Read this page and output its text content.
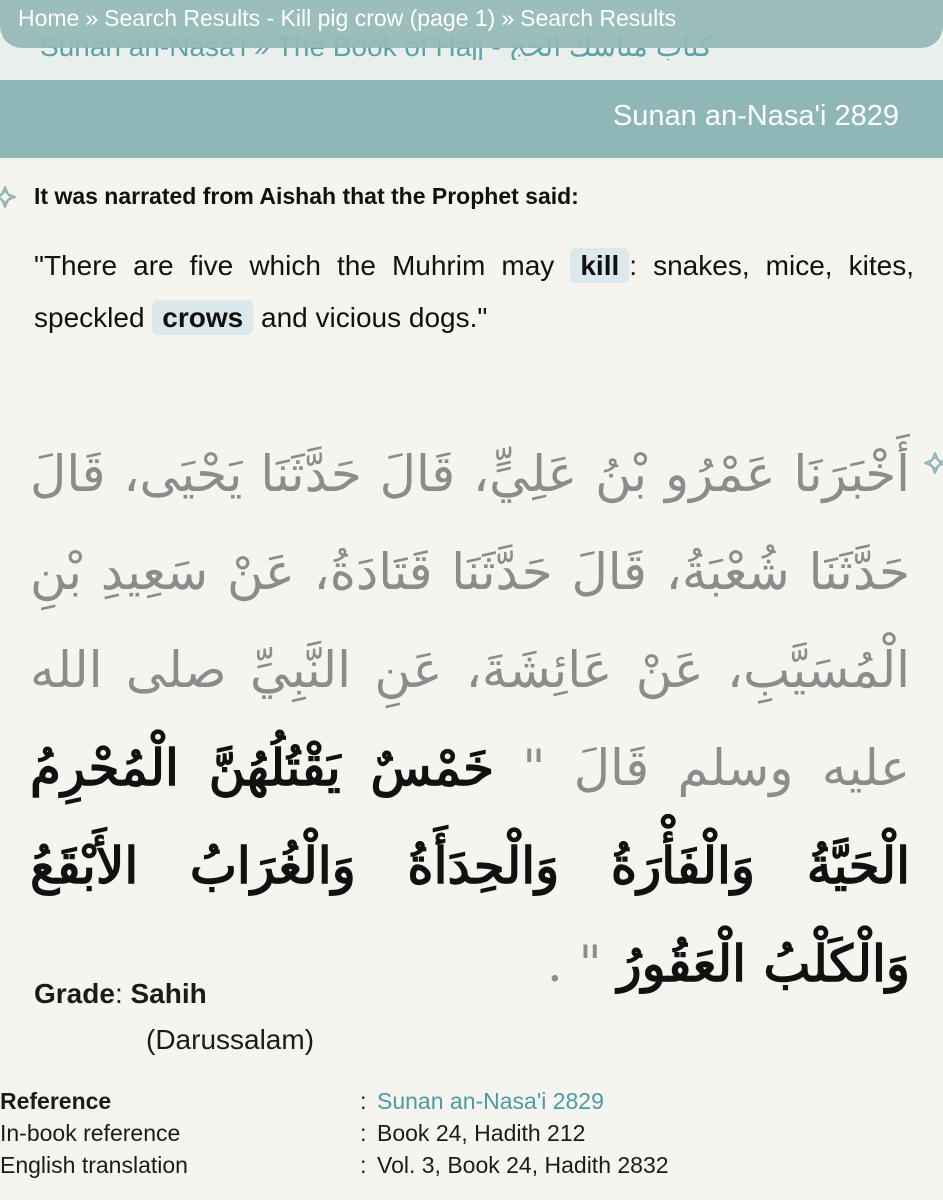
Home » Search Results - Kill pig crow (page 1) » Search Results
Sunan an-Nasa'i 2829
It was narrated from Aishah that the Prophet said:
"There are five which the Muhrim may kill : snakes, mice, kites, speckled crows and vicious dogs."
أَخْبَرَنَا عَمْرُو بْنُ عَلِيٍّ، قَالَ حَدَّثَنَا يَحْيَى، قَالَ حَدَّثَنَا شُعْبَةُ، قَالَ حَدَّثَنَا قَتَادَةُ، عَنْ سَعِيدِ بْنِ الْمُسَيَّبِ، عَنْ عَائِشَةَ، عَنِ النَّبِيِّ صلى الله عليه وسلم قَالَ " خَمْسٌ يَقْتُلُهُنَّ الْمُحْرِمُ الْحَيَّةُ وَالْفَأْرَةُ وَالْحِدَأَةُ وَالْغُرَابُ الأَبْقَعُ وَالْكَلْبُ الْعَقُورُ " .
Grade: Sahih
(Darussalam)
Reference	: Sunan an-Nasa'i 2829
In-book reference	: Book 24, Hadith 212
English translation	: Vol. 3, Book 24, Hadith 2832
